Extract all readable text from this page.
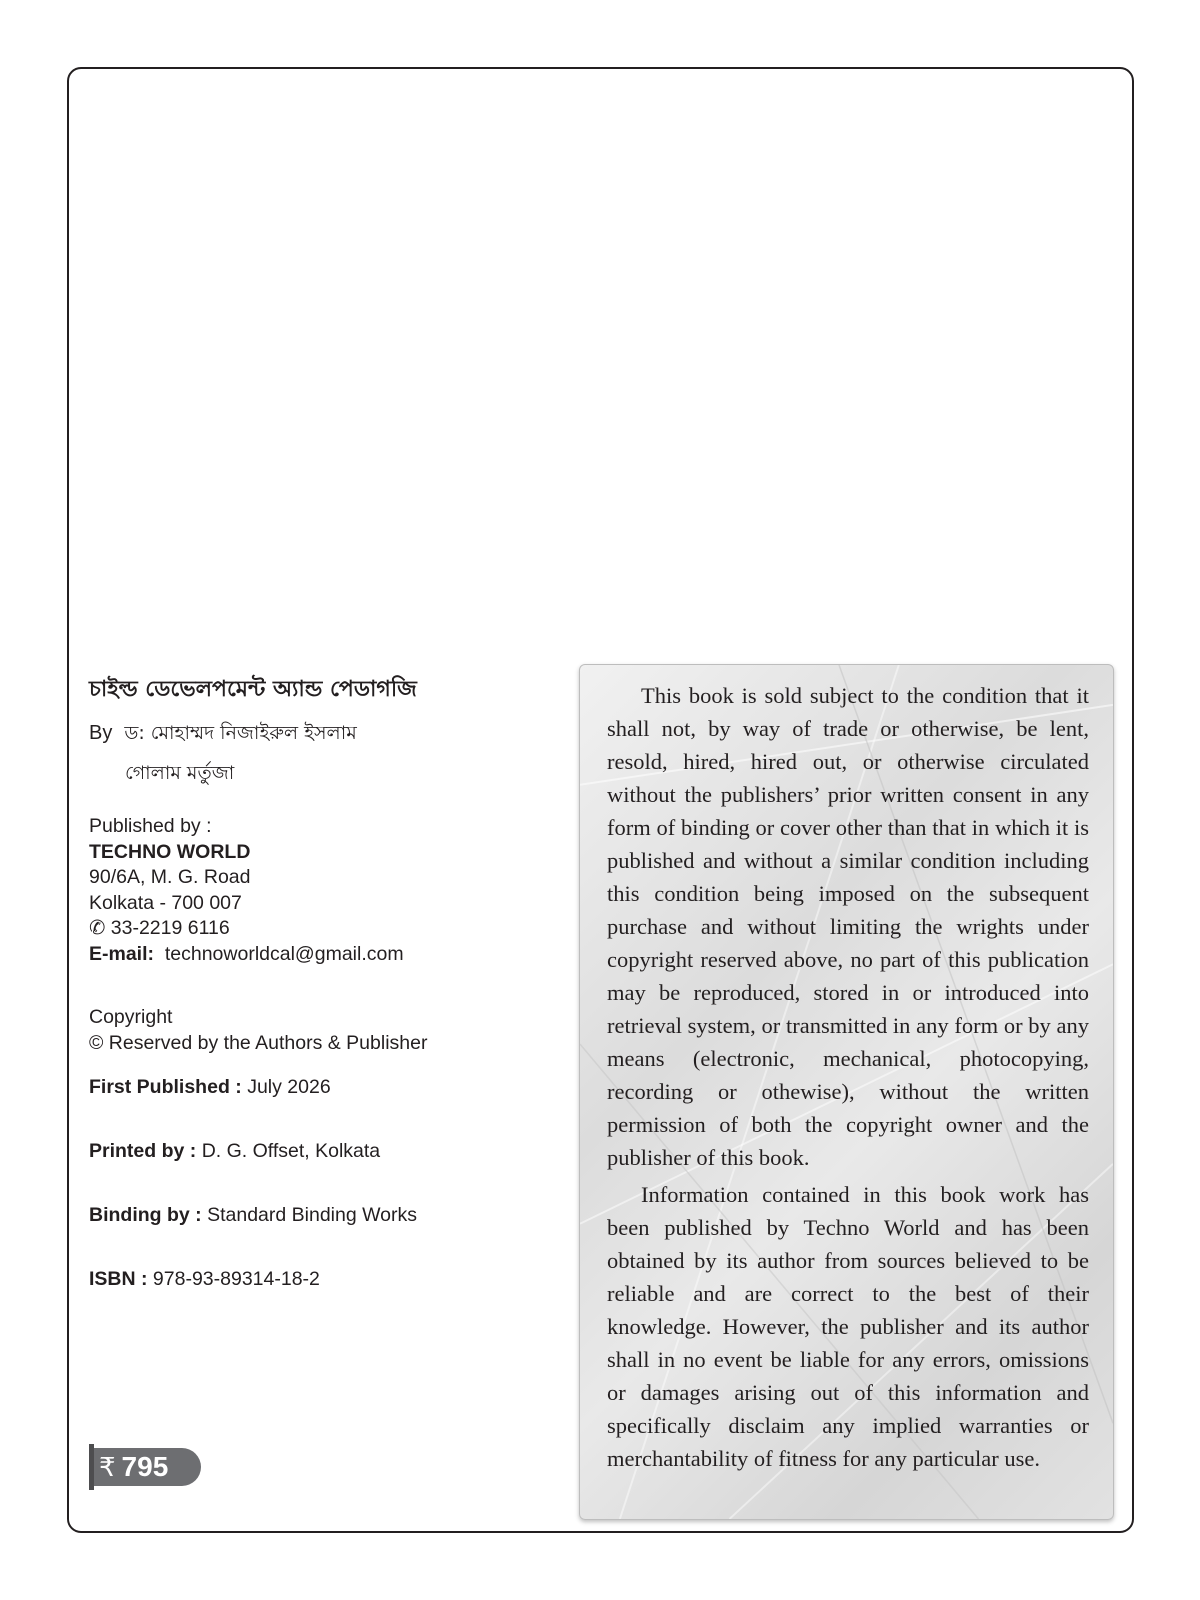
চাইল্ড ডেভেলপমেন্ট অ্যান্ড পেডাগজি
By ড: মোহাম্মদ নিজাইরুল ইসলাম
গোলাম মর্তুজা
Published by :
TECHNO WORLD
90/6A, M. G. Road
Kolkata - 700 007
✆ 33-2219 6116
E-mail: technoworldcal@gmail.com
Copyright
© Reserved by the Authors & Publisher
First Published : July 2026
Printed by : D. G. Offset, Kolkata
Binding by : Standard Binding Works
ISBN : 978-93-89314-18-2
₹ 795

This book is sold subject to the condition that it shall not, by way of trade or otherwise, be lent, resold, hired, hired out, or otherwise circulated without the publishers’ prior written consent in any form of binding or cover other than that in which it is published and without a similar condition including this condition being imposed on the subsequent purchase and without limiting the wrights under copyright reserved above, no part of this publication may be reproduced, stored in or introduced into retrieval system, or transmitted in any form or by any means (electronic, mechanical, photocopying, recording or othewise), without the written permission of both the copyright owner and the publisher of this book.

Information contained in this book work has been published by Techno World and has been obtained by its author from sources believed to be reliable and are correct to the best of their knowledge. However, the publisher and its author shall in no event be liable for any errors, omissions or damages arising out of this information and specifically disclaim any implied warranties or merchantability of fitness for any particular use.
